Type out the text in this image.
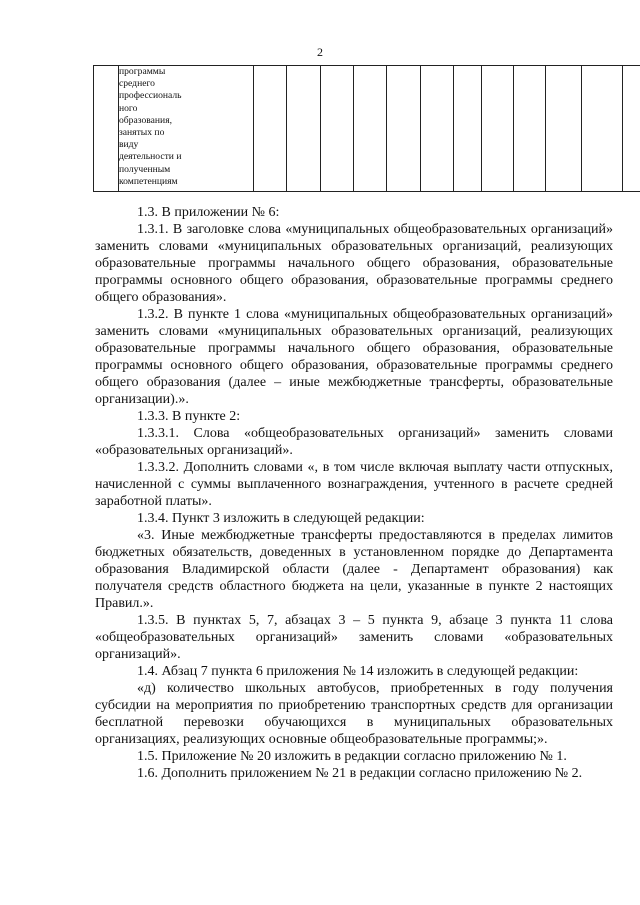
2
	программы
среднего
профессиональ
ного
образования,
занятых по
виду
деятельности и
полученным
компетенциям												

1.3. В приложении № 6:

1.3.1. В заголовке слова «муниципальных общеобразовательных организаций» заменить словами «муниципальных образовательных организаций, реализующих образовательные программы начального общего образования, образовательные программы основного общего образования, образовательные программы среднего общего образования».

1.3.2. В пункте 1 слова «муниципальных общеобразовательных организаций» заменить словами «муниципальных образовательных организаций, реализующих образовательные программы начального общего образования, образовательные программы основного общего образования, образовательные программы среднего общего образования (далее – иные межбюджетные трансферты, образовательные организации).».

1.3.3. В пункте 2:

1.3.3.1. Слова «общеобразовательных организаций» заменить словами «образовательных организаций».

1.3.3.2. Дополнить словами «, в том числе включая выплату части отпускных, начисленной с суммы выплаченного вознаграждения, учтенного в расчете средней заработной платы».

1.3.4. Пункт 3 изложить в следующей редакции:

«3. Иные межбюджетные трансферты предоставляются в пределах лимитов бюджетных обязательств, доведенных в установленном порядке до Департамента образования Владимирской области (далее - Департамент образования) как получателя средств областного бюджета на цели, указанные в пункте 2 настоящих Правил.».

1.3.5. В пунктах 5, 7, абзацах 3 – 5 пункта 9, абзаце 3 пункта 11 слова «общеобразовательных организаций» заменить словами «образовательных организаций».

1.4. Абзац 7 пункта 6 приложения № 14 изложить в следующей редакции:

«д) количество школьных автобусов, приобретенных в году получения субсидии на мероприятия по приобретению транспортных средств для организации бесплатной перевозки обучающихся в муниципальных образовательных организациях, реализующих основные общеобразовательные программы;».

1.5. Приложение № 20 изложить в редакции согласно приложению № 1.

1.6. Дополнить приложением № 21 в редакции согласно приложению № 2.
